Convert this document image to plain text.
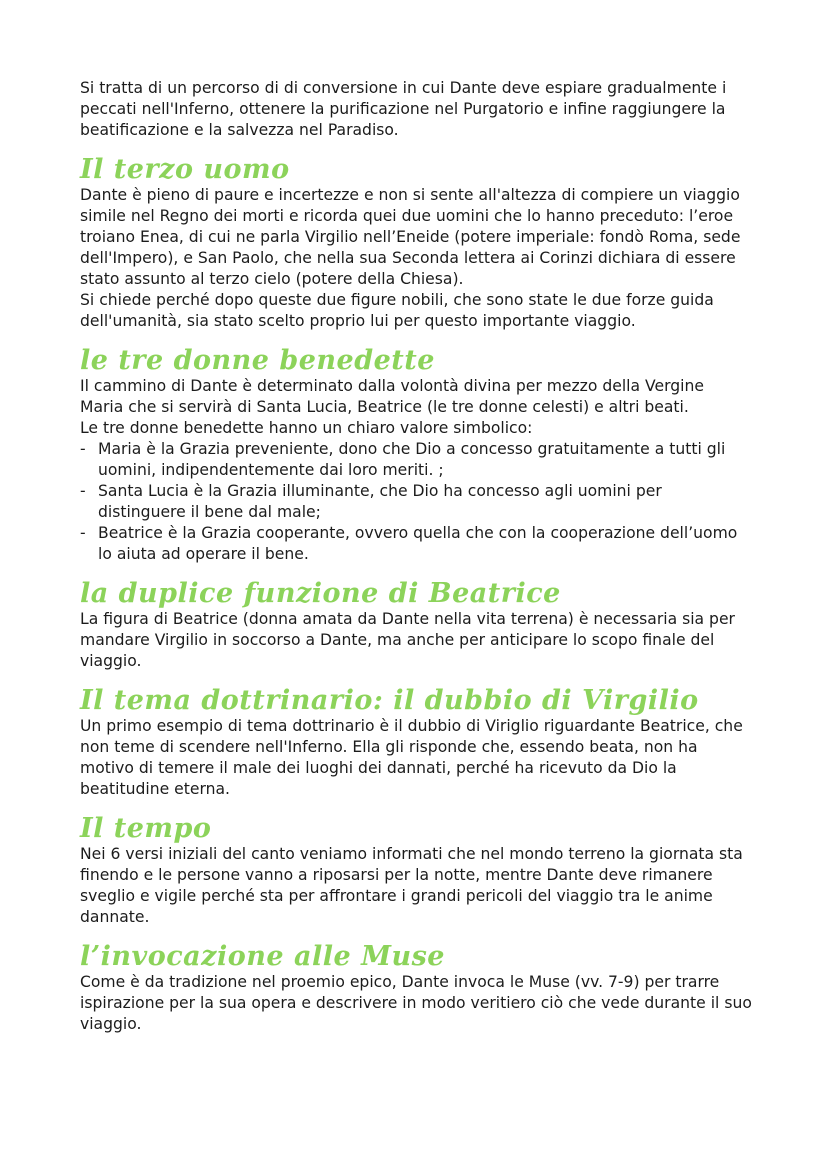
Si tratta di un percorso di di conversione in cui Dante deve espiare gradualmente i peccati nell'Inferno, ottenere la purificazione nel Purgatorio e infine raggiungere la beatificazione e la salvezza nel Paradiso.

Il terzo uomo

Dante è pieno di paure e incertezze e non si sente all'altezza di compiere un viaggio simile nel Regno dei morti e ricorda quei due uomini che lo hanno preceduto: l’eroe troiano Enea, di cui ne parla Virgilio nell’Eneide (potere imperiale: fondò Roma, sede dell'Impero), e San Paolo, che nella sua Seconda lettera ai Corinzi dichiara di essere stato assunto al terzo cielo (potere della Chiesa).

Si chiede perché dopo queste due figure nobili, che sono state le due forze guida dell'umanità, sia stato scelto proprio lui per questo importante viaggio.

le tre donne benedette

Il cammino di Dante è determinato dalla volontà divina per mezzo della Vergine Maria che si servirà di Santa Lucia, Beatrice (le tre donne celesti) e altri beati.

Le tre donne benedette hanno un chiaro valore simbolico:

- Maria è la Grazia preveniente, dono che Dio a concesso gratuitamente a tutti gli uomini, indipendentemente dai loro meriti. ;
- Santa Lucia è la Grazia illuminante, che Dio ha concesso agli uomini per distinguere il bene dal male;
- Beatrice è la Grazia cooperante, ovvero quella che con la cooperazione dell’uomo lo aiuta ad operare il bene.
la duplice funzione di Beatrice

La figura di Beatrice (donna amata da Dante nella vita terrena) è necessaria sia per mandare Virgilio in soccorso a Dante, ma anche per anticipare lo scopo finale del viaggio.

Il tema dottrinario: il dubbio di Virgilio

Un primo esempio di tema dottrinario è il dubbio di Viriglio riguardante Beatrice, che non teme di scendere nell'Inferno. Ella gli risponde che, essendo beata, non ha motivo di temere il male dei luoghi dei dannati, perché ha ricevuto da Dio la beatitudine eterna.

Il tempo

Nei 6 versi iniziali del canto veniamo informati che nel mondo terreno la giornata sta finendo e le persone vanno a riposarsi per la notte, mentre Dante deve rimanere sveglio e vigile perché sta per affrontare i grandi pericoli del viaggio tra le anime dannate.

l’invocazione alle Muse

Come è da tradizione nel proemio epico, Dante invoca le Muse (vv. 7-9) per trarre ispirazione per la sua opera e descrivere in modo veritiero ciò che vede durante il suo viaggio.
